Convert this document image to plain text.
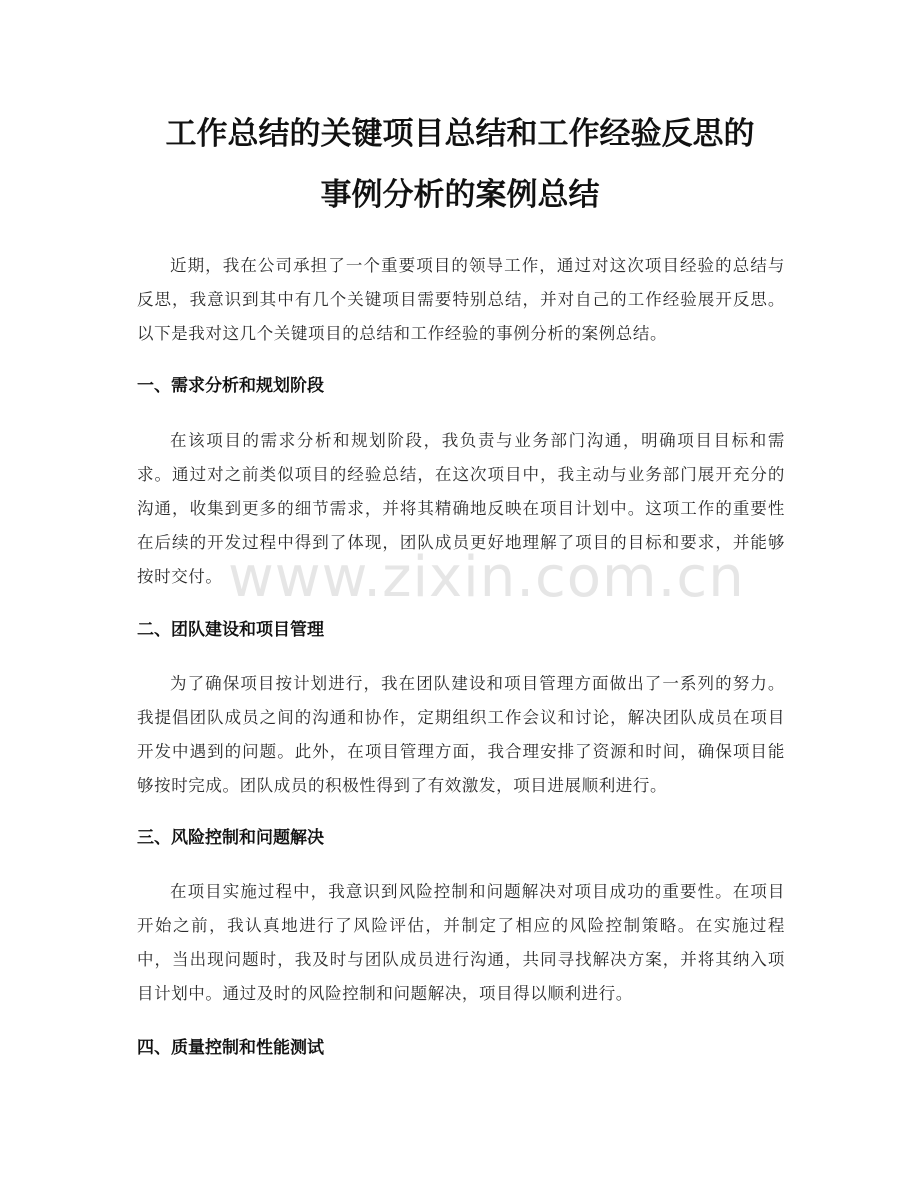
工作总结的关键项目总结和工作经验反思的
事例分析的案例总结

近期，我在公司承担了一个重要项目的领导工作，通过对这次项目经验的总结与反思，我意识到其中有几个关键项目需要特别总结，并对自己的工作经验展开反思。以下是我对这几个关键项目的总结和工作经验的事例分析的案例总结。

一、需求分析和规划阶段

在该项目的需求分析和规划阶段，我负责与业务部门沟通，明确项目目标和需求。通过对之前类似项目的经验总结，在这次项目中，我主动与业务部门展开充分的沟通，收集到更多的细节需求，并将其精确地反映在项目计划中。这项工作的重要性在后续的开发过程中得到了体现，团队成员更好地理解了项目的目标和要求，并能够按时交付。

二、团队建设和项目管理

为了确保项目按计划进行，我在团队建设和项目管理方面做出了一系列的努力。我提倡团队成员之间的沟通和协作，定期组织工作会议和讨论，解决团队成员在项目开发中遇到的问题。此外，在项目管理方面，我合理安排了资源和时间，确保项目能够按时完成。团队成员的积极性得到了有效激发，项目进展顺利进行。

三、风险控制和问题解决

在项目实施过程中，我意识到风险控制和问题解决对项目成功的重要性。在项目开始之前，我认真地进行了风险评估，并制定了相应的风险控制策略。在实施过程中，当出现问题时，我及时与团队成员进行沟通，共同寻找解决方案，并将其纳入项目计划中。通过及时的风险控制和问题解决，项目得以顺利进行。

四、质量控制和性能测试
www.zixin.com.cn
